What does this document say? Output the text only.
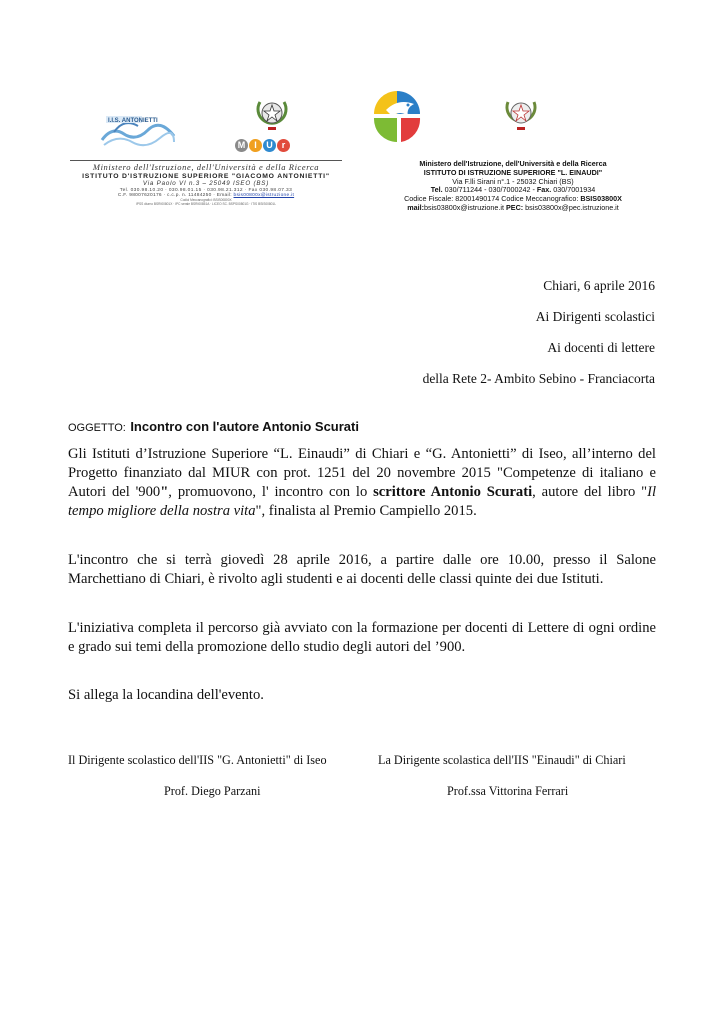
I.I.S. ANTONIETTI
M I U r
Ministero dell'Istruzione, dell'Università e della Ricerca
ISTITUTO D'ISTRUZIONE SUPERIORE "GIACOMO ANTONIETTI"
Via Paolo VI n.3 – 25049 ISEO (BS)
Tel. 030.98.10.20 · 030.98.01.15 · 030.98.21.312 · Fax 030.98.07.33
C.F. 98007620176 · c.c.p. n. 11484250 · Email: bsis00800x@istruzione.it
Codici Meccanografici: BSIS00800X
IPSS diurno BSRI00801X · IPC serale BSRI00851A · LICEO SC. BSPS00801G · ITIS BSIS00801L
Ministero dell'Istruzione, dell'Università e della Ricerca
ISTITUTO DI ISTRUZIONE SUPERIORE "L. EINAUDI"
Via F.lli Sirani n°.1 - 25032 Chiari (BS)
Tel. 030/711244 - 030/7000242 - Fax. 030/7001934
Codice Fiscale: 82001490174 Codice Meccanografico: BSIS03800X
mail:bsis03800x@istruzione.it PEC: bsis03800x@pec.istruzione.it
Chiari, 6 aprile 2016
Ai Dirigenti scolastici
Ai docenti di lettere
della Rete 2- Ambito Sebino - Franciacorta
OGGETTO: Incontro con l'autore Antonio Scurati
Gli Istituti d’Istruzione Superiore “L. Einaudi” di Chiari e “G. Antonietti” di Iseo, all’interno del Progetto finanziato dal MIUR con prot. 1251 del 20 novembre 2015 "Competenze di italiano e Autori del '900", promuovono, l' incontro con lo scrittore Antonio Scurati, autore del libro "Il tempo migliore della nostra vita", finalista al Premio Campiello 2015.
L'incontro che si terrà giovedì 28 aprile 2016, a partire dalle ore 10.00, presso il Salone Marchettiano di Chiari, è rivolto agli studenti e ai docenti delle classi quinte dei due Istituti.
L'iniziativa completa il percorso già avviato con la formazione per docenti di Lettere di ogni ordine e grado sui temi della promozione dello studio degli autori del ’900.
Si allega la locandina dell'evento.
Il Dirigente scolastico dell'IIS "G. Antonietti" di Iseo	La Dirigente scolastica dell'IIS "Einaudi" di Chiari
Prof. Diego Parzani	Prof.ssa Vittorina Ferrari
